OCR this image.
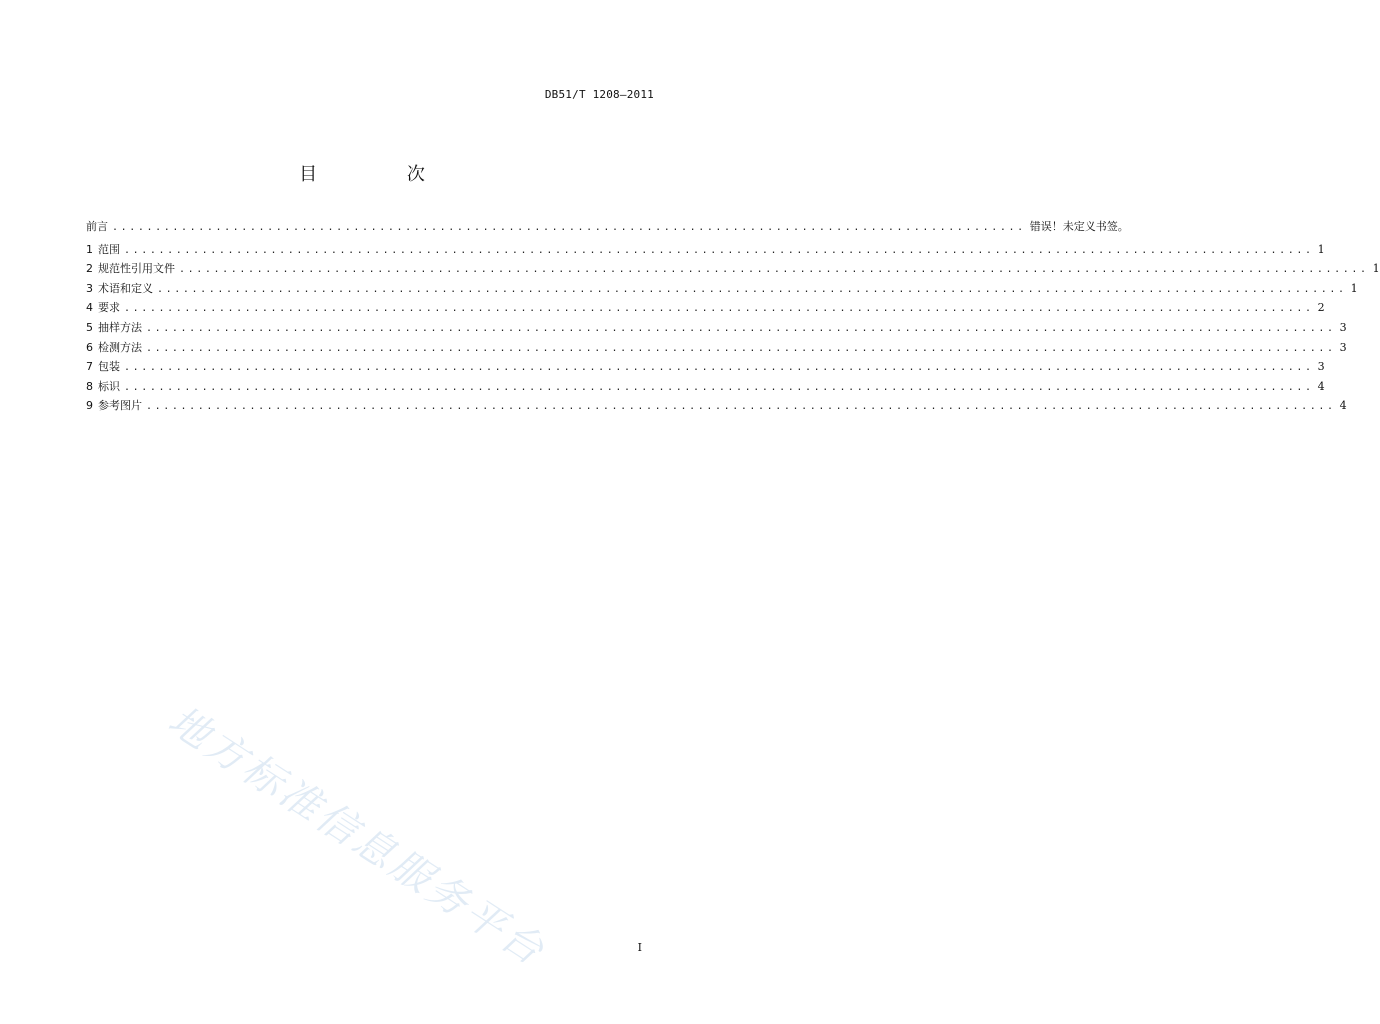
DB51/T 1208—2011
目 次
前言 .......................................................................................................... 错误！未定义书签。
1 范围 .......................................................................................................................................... 1
2 规范性引用文件 .......................................................................................................................................... 1
3 术语和定义 .......................................................................................................................................... 1
4 要求 .......................................................................................................................................... 2
5 抽样方法 .......................................................................................................................................... 3
6 检测方法 .......................................................................................................................................... 3
7 包装 .......................................................................................................................................... 3
8 标识 .......................................................................................................................................... 4
9 参考图片 .......................................................................................................................................... 4
地方标准信息服务平台	I
